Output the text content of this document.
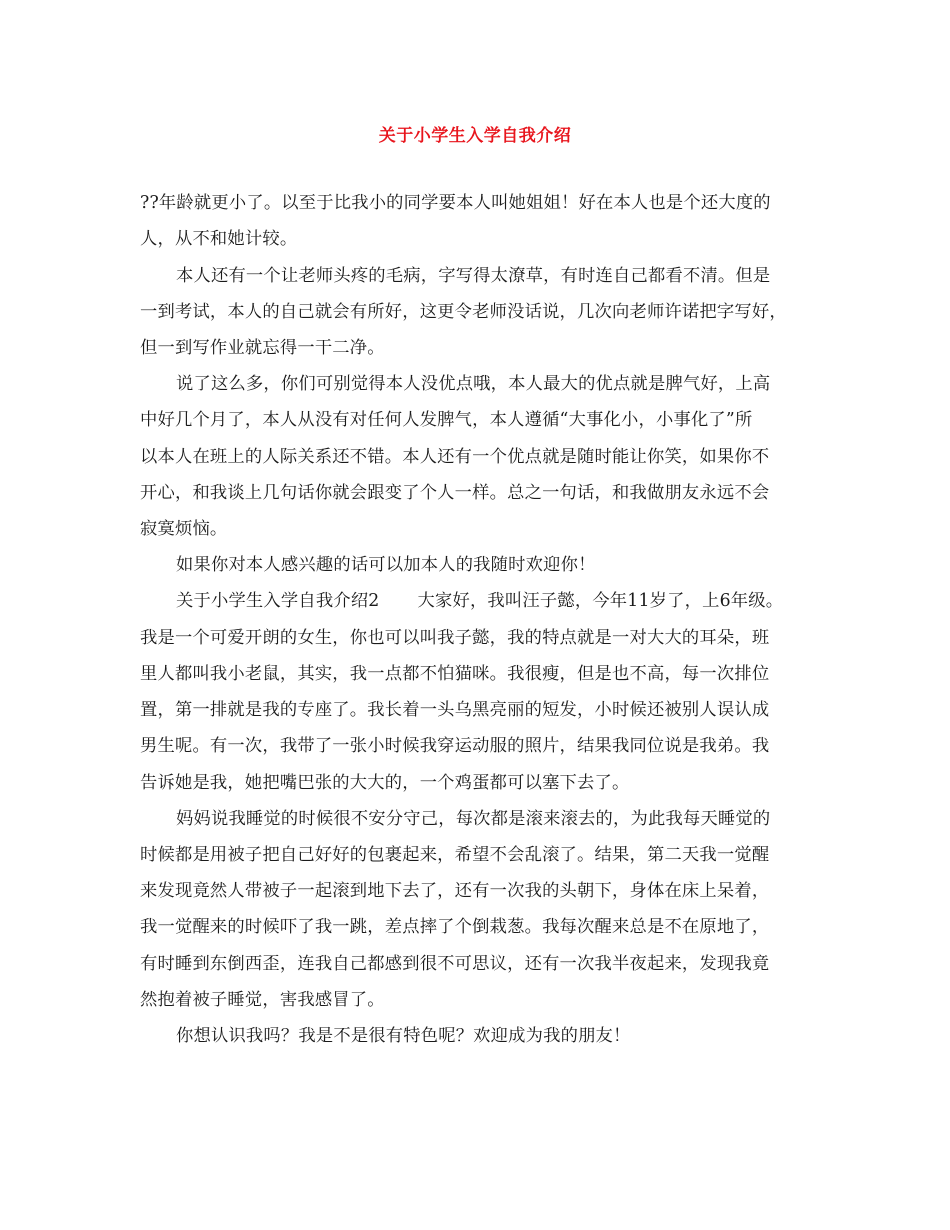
关于小学生入学自我介绍
??年龄就更小了。以至于比我小的同学要本人叫她姐姐！好在本人也是个还大度的
人，从不和她计较。
本人还有一个让老师头疼的毛病，字写得太潦草，有时连自己都看不清。但是
一到考试，本人的自己就会有所好，这更令老师没话说，几次向老师许诺把字写好，
但一到写作业就忘得一干二净。
说了这么多，你们可别觉得本人没优点哦，本人最大的优点就是脾气好，上高
中好几个月了，本人从没有对任何人发脾气，本人遵循“大事化小，小事化了”所
以本人在班上的人际关系还不错。本人还有一个优点就是随时能让你笑，如果你不
开心，和我谈上几句话你就会跟变了个人一样。总之一句话，和我做朋友永远不会
寂寞烦恼。
如果你对本人感兴趣的话可以加本人的我随时欢迎你！
关于小学生入学自我介绍2 大家好，我叫汪子懿，今年11岁了，上6年级。
我是一个可爱开朗的女生，你也可以叫我子懿，我的特点就是一对大大的耳朵，班
里人都叫我小老鼠，其实，我一点都不怕猫咪。我很瘦，但是也不高，每一次排位
置，第一排就是我的专座了。我长着一头乌黑亮丽的短发，小时候还被别人误认成
男生呢。有一次，我带了一张小时候我穿运动服的照片，结果我同位说是我弟。我
告诉她是我，她把嘴巴张的大大的，一个鸡蛋都可以塞下去了。
妈妈说我睡觉的时候很不安分守己，每次都是滚来滚去的，为此我每天睡觉的
时候都是用被子把自己好好的包裹起来，希望不会乱滚了。结果，第二天我一觉醒
来发现竟然人带被子一起滚到地下去了，还有一次我的头朝下，身体在床上呆着，
我一觉醒来的时候吓了我一跳，差点摔了个倒栽葱。我每次醒来总是不在原地了，
有时睡到东倒西歪，连我自己都感到很不可思议，还有一次我半夜起来，发现我竟
然抱着被子睡觉，害我感冒了。
你想认识我吗？我是不是很有特色呢？欢迎成为我的朋友！
